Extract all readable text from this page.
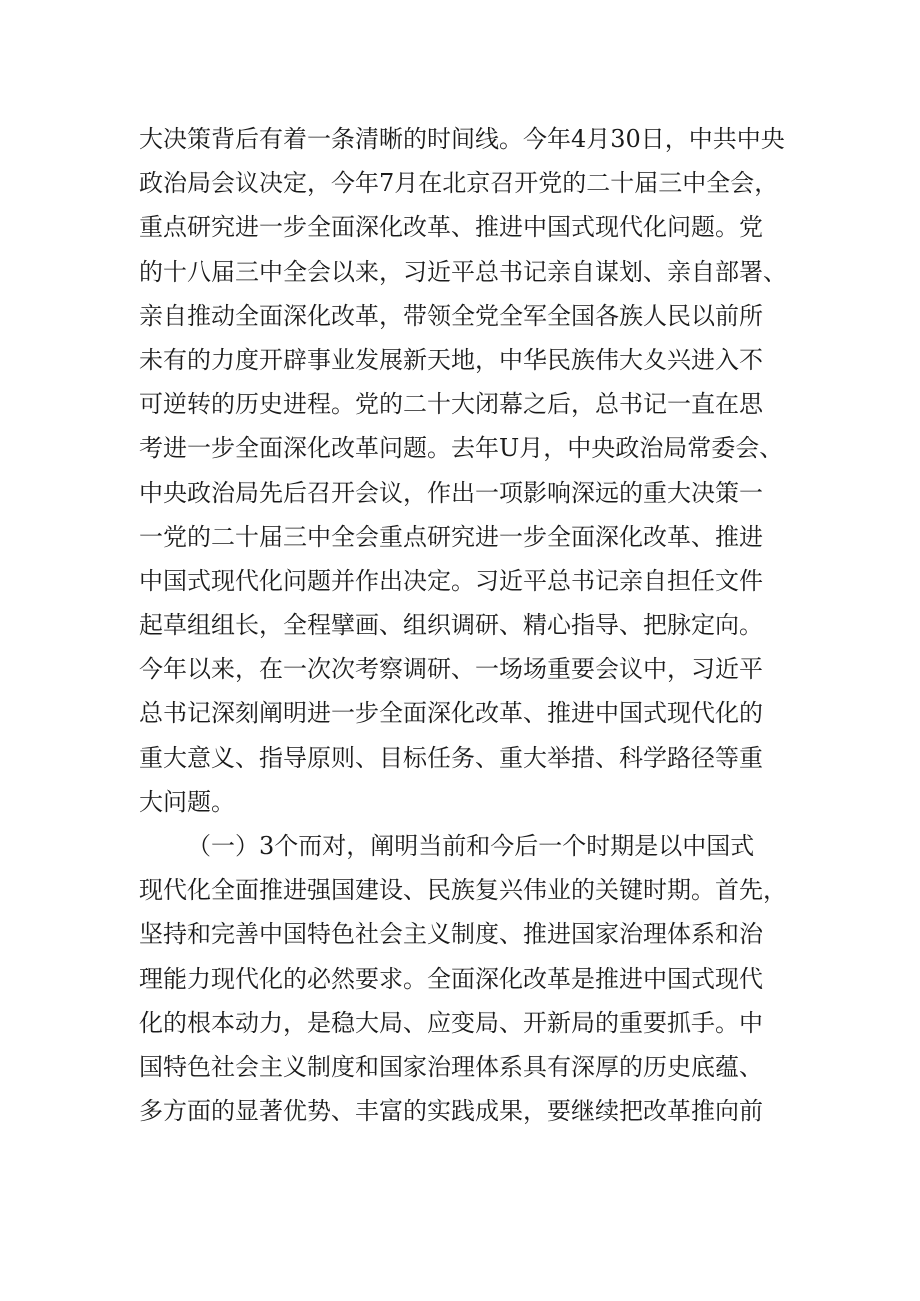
大决策背后有着一条清晰的时间线。今年4月30日，中共中央
政治局会议决定，今年7月在北京召开党的二十届三中全会，
重点研究进一步全面深化改革、推进中国式现代化问题。党
的十八届三中全会以来，习近平总书记亲自谋划、亲自部署、
亲自推动全面深化改革，带领全党全军全国各族人民以前所
未有的力度开辟事业发展新天地，中华民族伟大夊兴进入不
可逆转的历史进程。党的二十大闭幕之后，总书记一直在思
考进一步全面深化改革问题。去年U月，中央政治局常委会、
中央政治局先后召开会议，作出一项影响深远的重大决策一
一党的二十届三中全会重点研究进一步全面深化改革、推进
中国式现代化问题并作出决定。习近平总书记亲自担任文件
起草组组长，全程擘画、组织调研、精心指导、把脉定向。
今年以来，在一次次考察调研、一场场重要会议中，习近平
总书记深刻阐明进一步全面深化改革、推进中国式现代化的
重大意义、指导原则、目标任务、重大举措、科学路径等重
大问题。
（一）3个而对，阐明当前和今后一个时期是以中国式
现代化全面推进强国建设、民族复兴伟业的关键时期。首先，
坚持和完善中国特色社会主义制度、推进国家治理体系和治
理能力现代化的必然要求。全面深化改革是推进中国式现代
化的根本动力，是稳大局、应变局、开新局的重要抓手。中
国特色社会主义制度和国家治理体系具有深厚的历史底蕴、
多方面的显著优势、丰富的实践成果，要继续把改革推向前
